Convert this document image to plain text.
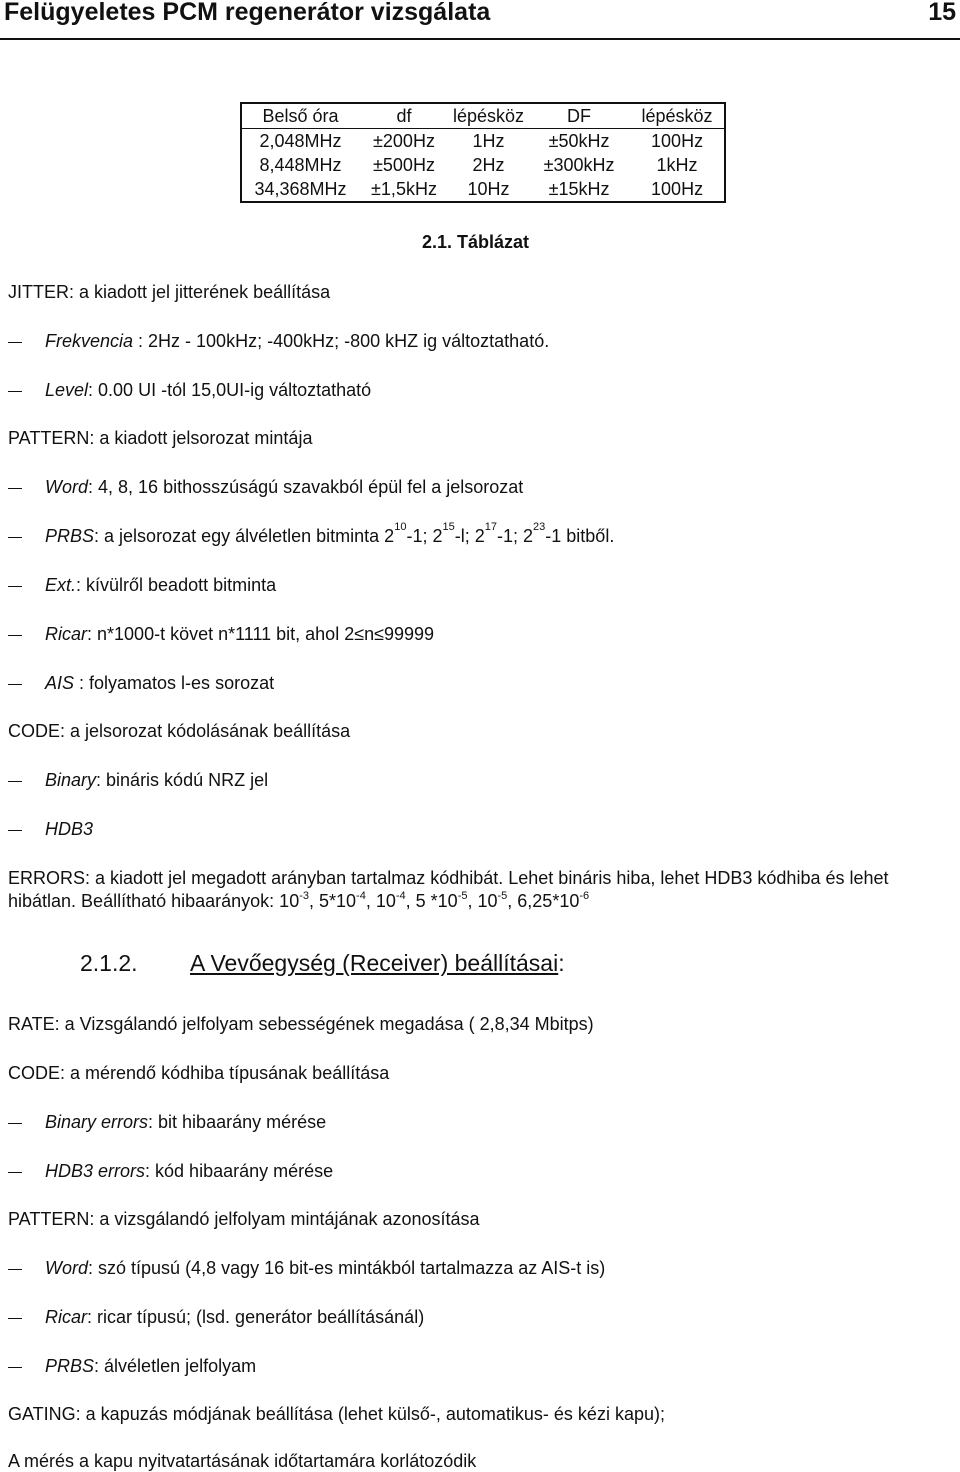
Felügyeletes PCM regenerátor vizsgálata	15
Belső óra	df	lépésköz	DF	lépésköz
2,048MHz	±200Hz	1Hz	±50kHz	100Hz
8,448MHz	±500Hz	2Hz	±300kHz	1kHz
34,368MHz	±1,5kHz	10Hz	±15kHz	100Hz
2.1. Táblázat
JITTER: a kiadott jel jitterének beállítása
Frekvencia : 2Hz - 100kHz; -400kHz; -800 kHZ ig változtatható.
Level: 0.00 UI -tól 15,0UI-ig változtatható
PATTERN: a kiadott jelsorozat mintája
Word: 4, 8, 16 bithosszúságú szavakból épül fel a jelsorozat
PRBS: a jelsorozat egy álvéletlen bitminta $2^{10}-1$; $2^{15}-l$; $2^{17}-1$; $2^{23}-1$ bitből.
Ext.: kívülről beadott bitminta
Ricar: n*1000-t követ n*1111 bit, ahol 2≤n≤99999
AIS : folyamatos l-es sorozat
CODE: a jelsorozat kódolásának beállítása
Binary: bináris kódú NRZ jel
HDB3
ERRORS: a kiadott jel megadott arányban tartalmaz kódhibát. Lehet bináris hiba, lehet HDB3 kódhiba és lehet hibátlan. Beállítható hibaarányok: $10^{-3}$, $5*10^{-4}$, $10^{-4}$, 5 $*10^{-5}$, $10^{-5}$, $6,25*10^{-6}$
2.1.2. A Vevőegység (Receiver) beállításai:
RATE: a Vizsgálandó jelfolyam sebességének megadása ( 2,8,34 Mbitps)
CODE: a mérendő kódhiba típusának beállítása
Binary errors: bit hibaarány mérése
HDB3 errors: kód hibaarány mérése
PATTERN: a vizsgálandó jelfolyam mintájának azonosítása
Word: szó típusú (4,8 vagy 16 bit-es mintákból tartalmazza az AIS-t is)
Ricar: ricar típusú; (lsd. generátor beállításánál)
PRBS: álvéletlen jelfolyam
GATING: a kapuzás módjának beállítása (lehet külső-, automatikus- és kézi kapu);
A mérés a kapu nyitvatartásának időtartamára korlátozódik
